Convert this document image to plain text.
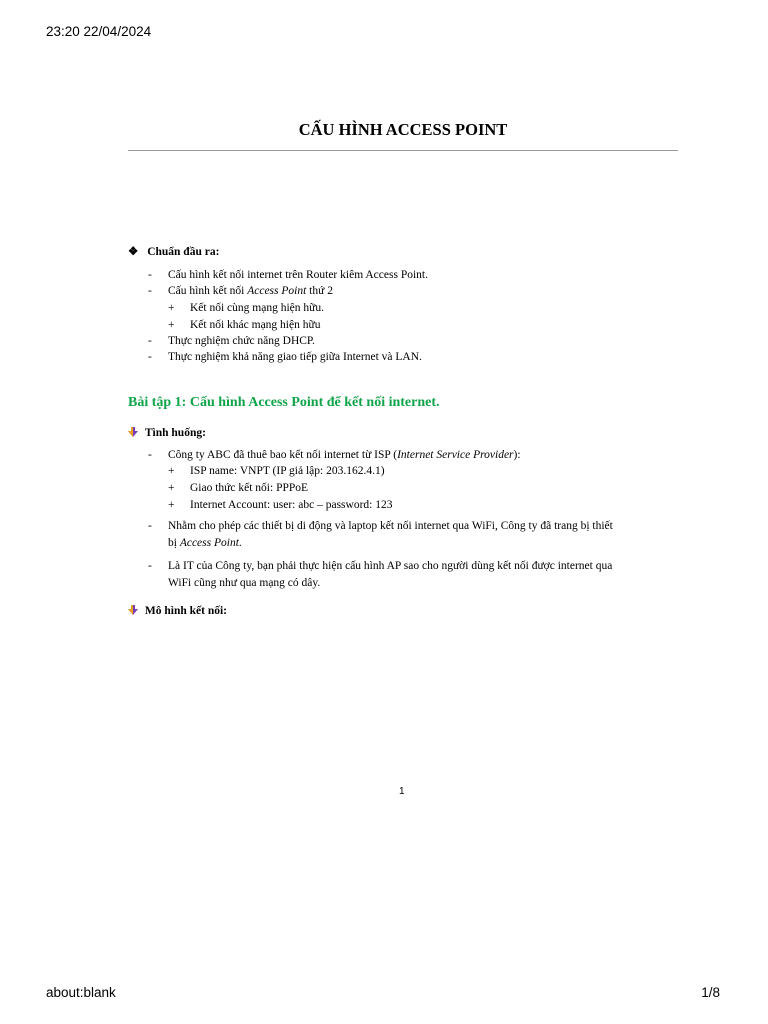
23:20 22/04/2024
CẤU HÌNH ACCESS POINT
❖ Chuẩn đầu ra:
- Cấu hình kết nối internet trên Router kiêm Access Point.
- Cấu hình kết nối Access Point thứ 2
+ Kết nối cùng mạng hiện hữu.
+ Kết nối khác mạng hiện hữu
- Thực nghiệm chức năng DHCP.
- Thực nghiệm khả năng giao tiếp giữa Internet và LAN.
Bài tập 1: Cấu hình Access Point để kết nối internet.
Tình huống:
- Công ty ABC đã thuê bao kết nối internet từ ISP (Internet Service Provider):
+ ISP name: VNPT (IP giả lập: 203.162.4.1)
+ Giao thức kết nối: PPPoE
+ Internet Account: user: abc – password: 123
- Nhằm cho phép các thiết bị di động và laptop kết nối internet qua WiFi, Công ty đã trang bị thiết
bị Access Point.
- Là IT của Công ty, bạn phải thực hiện cấu hình AP sao cho người dùng kết nối được internet qua
WiFi cũng như qua mạng có dây.
Mô hình kết nối:
1
about:blank	1/8
